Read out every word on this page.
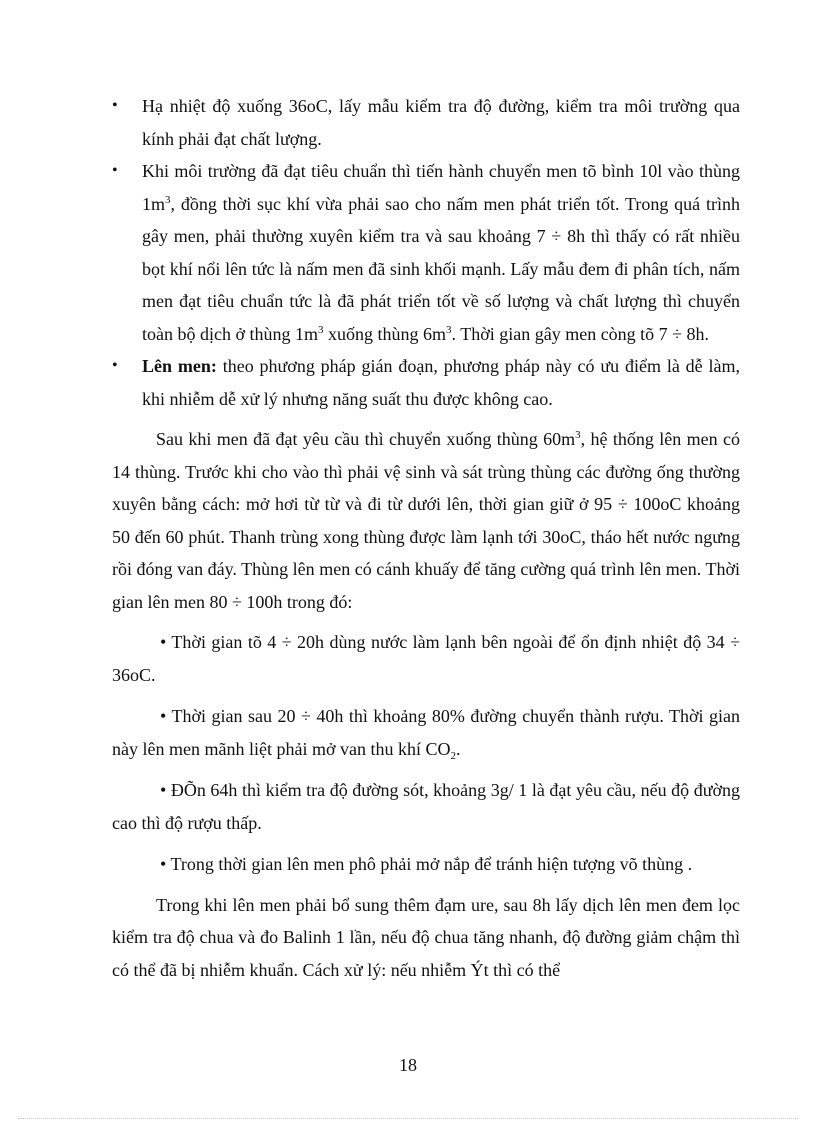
•	Hạ nhiệt độ xuống 36oC, lấy mẫu kiểm tra độ đường, kiểm tra môi trường qua kính phải đạt chất lượng.
•	Khi môi trường đã đạt tiêu chuẩn thì tiến hành chuyển men tõ bình 10l vào thùng $1m^3$, đồng thời sục khí vừa phải sao cho nấm men phát triển tốt. Trong quá trình gây men, phải thường xuyên kiểm tra và sau khoảng 7 ÷ 8h thì thấy có rất nhiều bọt khí nổi lên tức là nấm men đã sinh khối mạnh. Lấy mẫu đem đi phân tích, nấm men đạt tiêu chuẩn tức là đã phát triển tốt về số lượng và chất lượng thì chuyển toàn bộ dịch ở thùng $1m^3$ xuống thùng $6m^3$. Thời gian gây men còng tõ 7 ÷ 8h.
•	Lên men: theo phương pháp gián đoạn, phương pháp này có ưu điểm là dễ làm, khi nhiễm dễ xử lý nhưng năng suất thu được không cao.

Sau khi men đã đạt yêu cầu thì chuyển xuống thùng $60m^3$, hệ thống lên men có 14 thùng. Trước khi cho vào thì phải vệ sinh và sát trùng thùng các đường ống thường xuyên bằng cách: mở hơi từ từ và đi từ dưới lên, thời gian giữ ở 95 ÷ 100oC khoảng 50 đến 60 phút. Thanh trùng xong thùng được làm lạnh tới 30oC, tháo hết nước ngưng rồi đóng van đáy. Thùng lên men có cánh khuấy để tăng cường quá trình lên men. Thời gian lên men 80 ÷ 100h trong đó:

• Thời gian tõ 4 ÷ 20h dùng nước làm lạnh bên ngoài để ổn định nhiệt độ 34 ÷ 36oC.

• Thời gian sau 20 ÷ 40h thì khoảng 80% đường chuyển thành rượu. Thời gian này lên men mãnh liệt phải mở van thu khí $CO_2$.

• ĐÕn 64h thì kiểm tra độ đường sót, khoảng 3g/ 1 là đạt yêu cầu, nếu độ đường cao thì độ rượu thấp.

• Trong thời gian lên men phô phải mở nắp để tránh hiện tượng võ thùng .

Trong khi lên men phải bổ sung thêm đạm ure, sau 8h lấy dịch lên men đem lọc kiểm tra độ chua và đo Balinh 1 lần, nếu độ chua tăng nhanh, độ đường giảm chậm thì có thể đã bị nhiễm khuẩn. Cách xử lý: nếu nhiễm Ýt thì có thể

18
